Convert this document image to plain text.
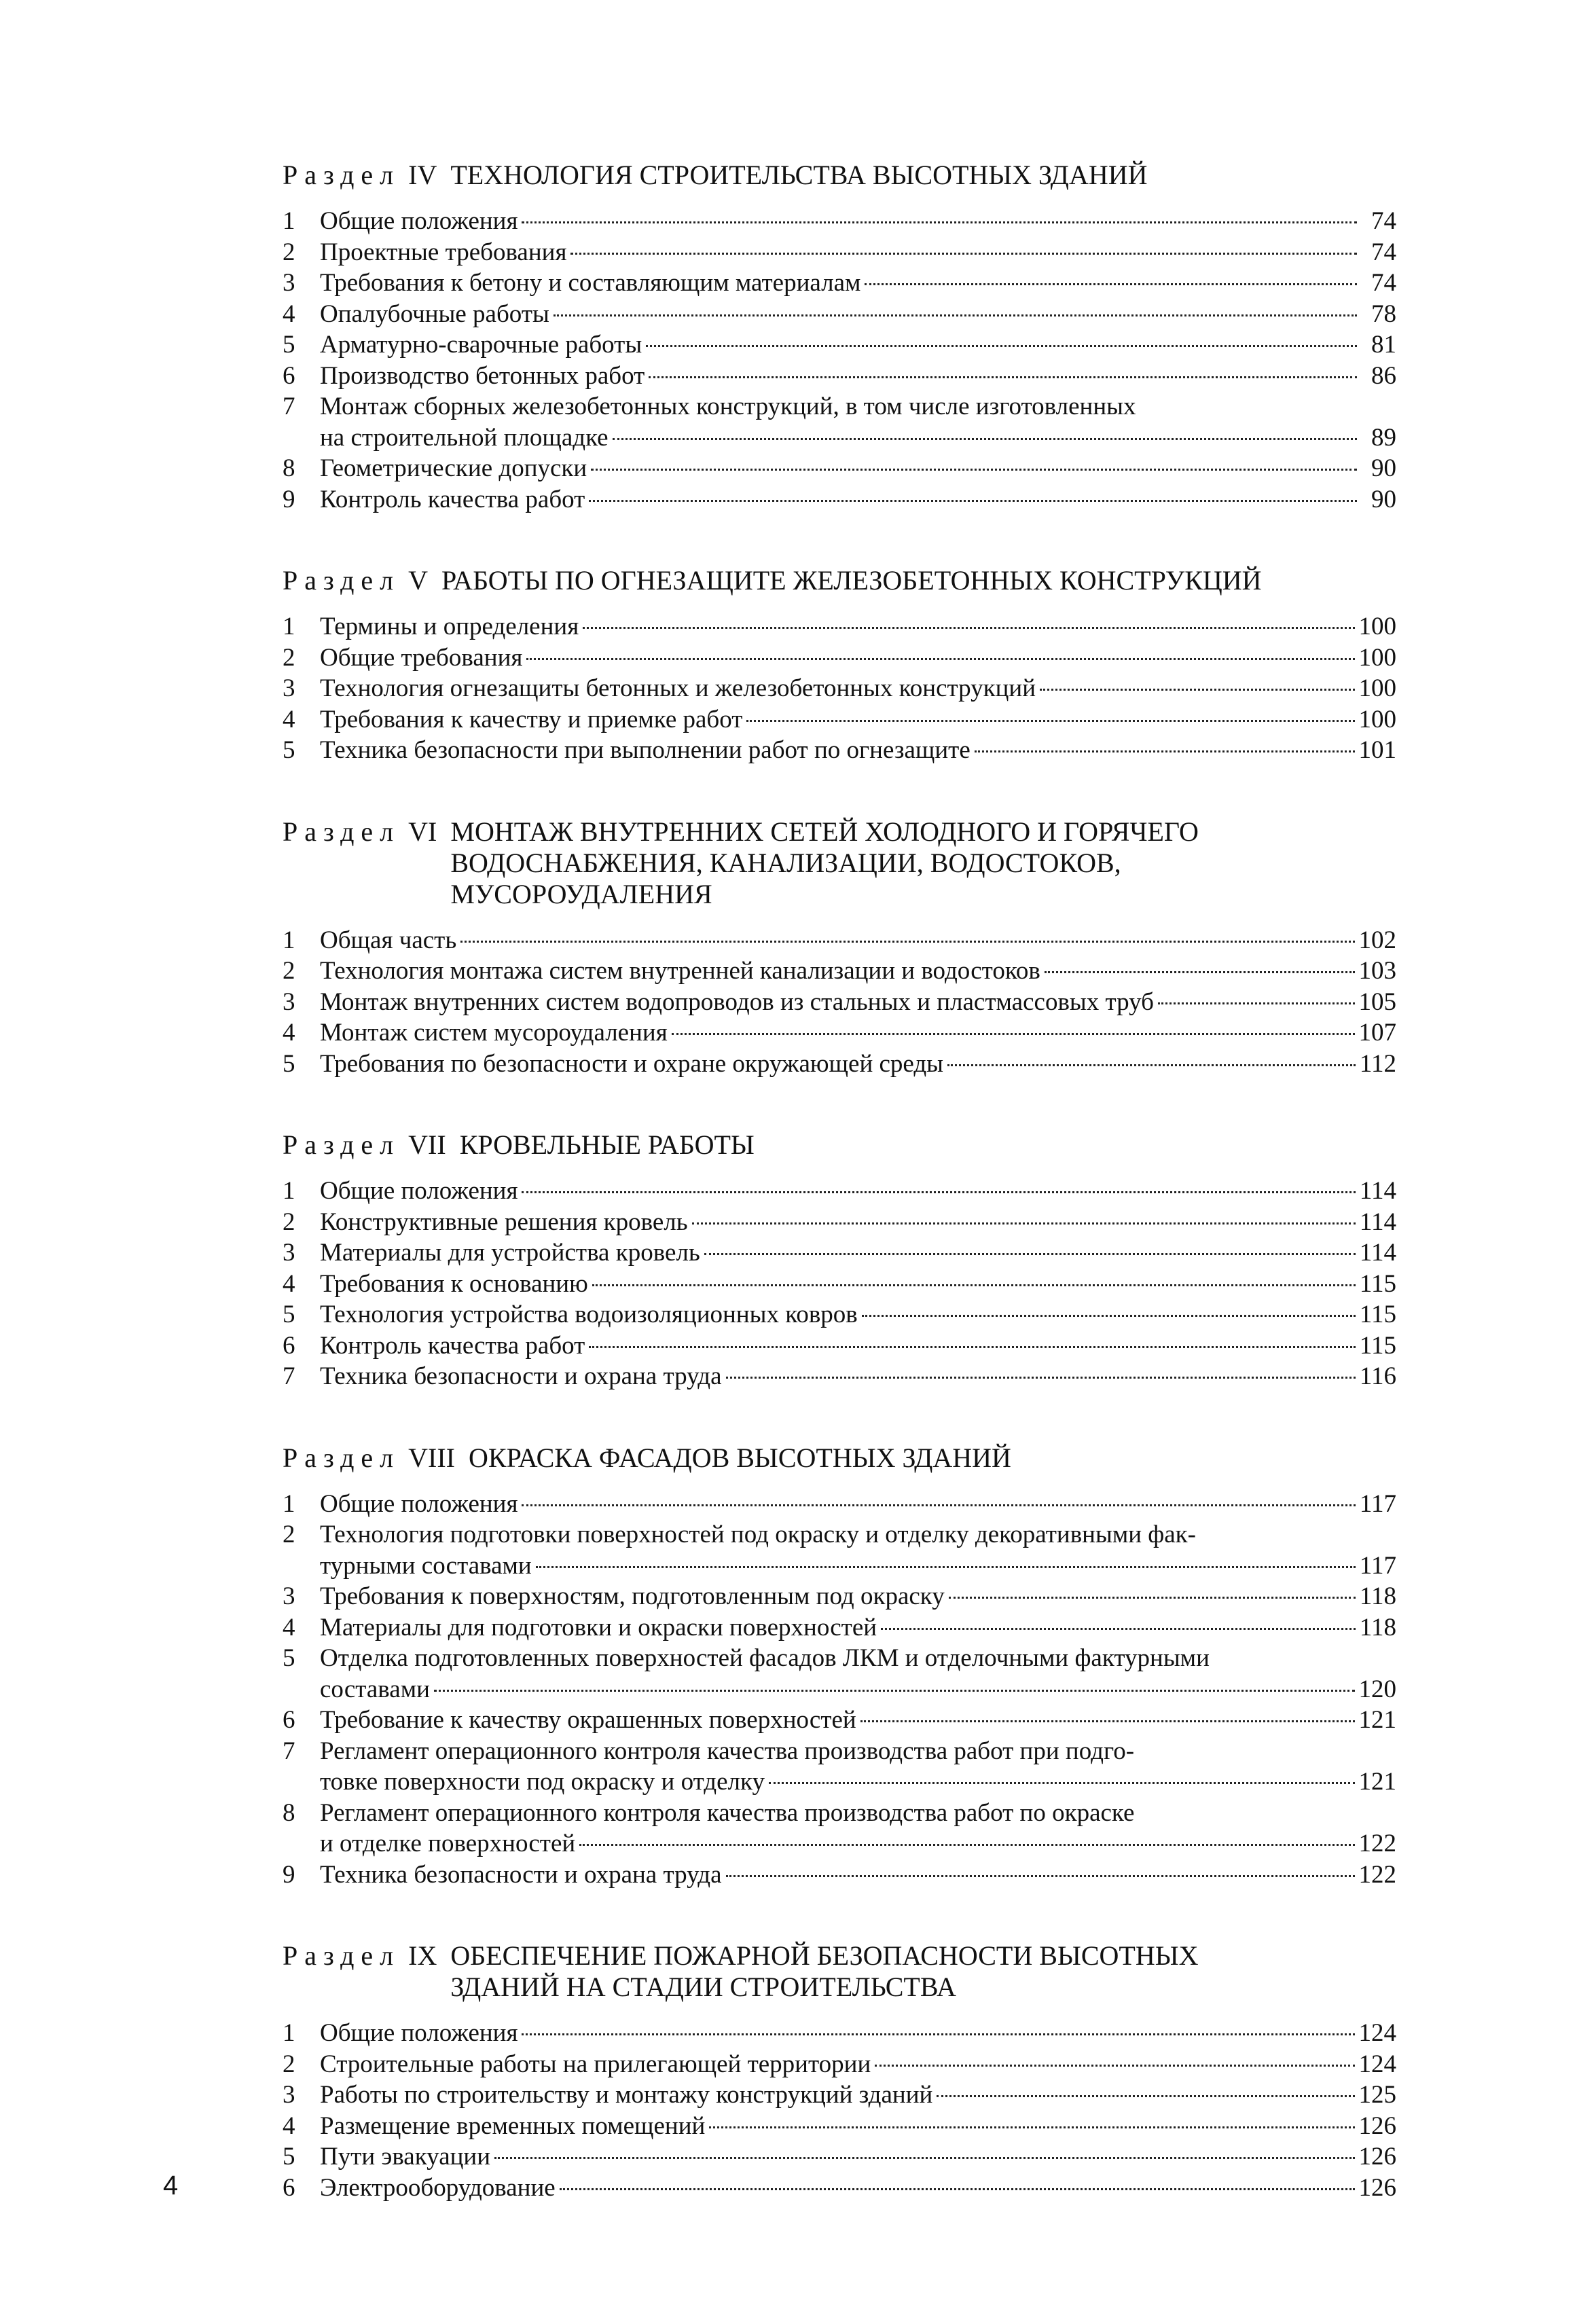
Раздел IV ТЕХНОЛОГИЯ СТРОИТЕЛЬСТВА ВЫСОТНЫХ ЗДАНИЙ
1 Общие положения	74
2 Проектные требования	74
3 Требования к бетону и составляющим материалам	74
4 Опалубочные работы	78
5 Арматурно-сварочные работы	81
6 Производство бетонных работ	86
7 Монтаж сборных железобетонных конструкций, в том числе изготовленных
на строительной площадке	89
8 Геометрические допуски	90
9 Контроль качества работ	90
Раздел V РАБОТЫ ПО ОГНЕЗАЩИТЕ ЖЕЛЕЗОБЕТОННЫХ КОНСТРУКЦИЙ
1 Термины и определения	100
2 Общие требования	100
3 Технология огнезащиты бетонных и железобетонных конструкций	100
4 Требования к качеству и приемке работ	100
5 Техника безопасности при выполнении работ по огнезащите	101
Раздел VI МОНТАЖ ВНУТРЕННИХ СЕТЕЙ ХОЛОДНОГО И ГОРЯЧЕГО
ВОДОСНАБЖЕНИЯ, КАНАЛИЗАЦИИ, ВОДОСТОКОВ,
МУСОРОУДАЛЕНИЯ
1 Общая часть	102
2 Технология монтажа систем внутренней канализации и водостоков	103
3 Монтаж внутренних систем водопроводов из стальных и пластмассовых труб	105
4 Монтаж систем мусороудаления	107
5 Требования по безопасности и охране окружающей среды	112
Раздел VII КРОВЕЛЬНЫЕ РАБОТЫ
1 Общие положения	114
2 Конструктивные решения кровель	114
3 Материалы для устройства кровель	114
4 Требования к основанию	115
5 Технология устройства водоизоляционных ковров	115
6 Контроль качества работ	115
7 Техника безопасности и охрана труда	116
Раздел VIII ОКРАСКА ФАСАДОВ ВЫСОТНЫХ ЗДАНИЙ
1 Общие положения	117
2 Технология подготовки поверхностей под окраску и отделку декоративными фак-
турными составами	117
3 Требования к поверхностям, подготовленным под окраску	118
4 Материалы для подготовки и окраски поверхностей	118
5 Отделка подготовленных поверхностей фасадов ЛКМ и отделочными фактурными
составами	120
6 Требование к качеству окрашенных поверхностей	121
7 Регламент операционного контроля качества производства работ при подго-
товке поверхности под окраску и отделку	121
8 Регламент операционного контроля качества производства работ по окраске
и отделке поверхностей	122
9 Техника безопасности и охрана труда	122
Раздел IX ОБЕСПЕЧЕНИЕ ПОЖАРНОЙ БЕЗОПАСНОСТИ ВЫСОТНЫХ
ЗДАНИЙ НА СТАДИИ СТРОИТЕЛЬСТВА
1 Общие положения	124
2 Строительные работы на прилегающей территории	124
3 Работы по строительству и монтажу конструкций зданий	125
4 Размещение временных помещений	126
5 Пути эвакуации	126
6 Электрооборудование	126
4
